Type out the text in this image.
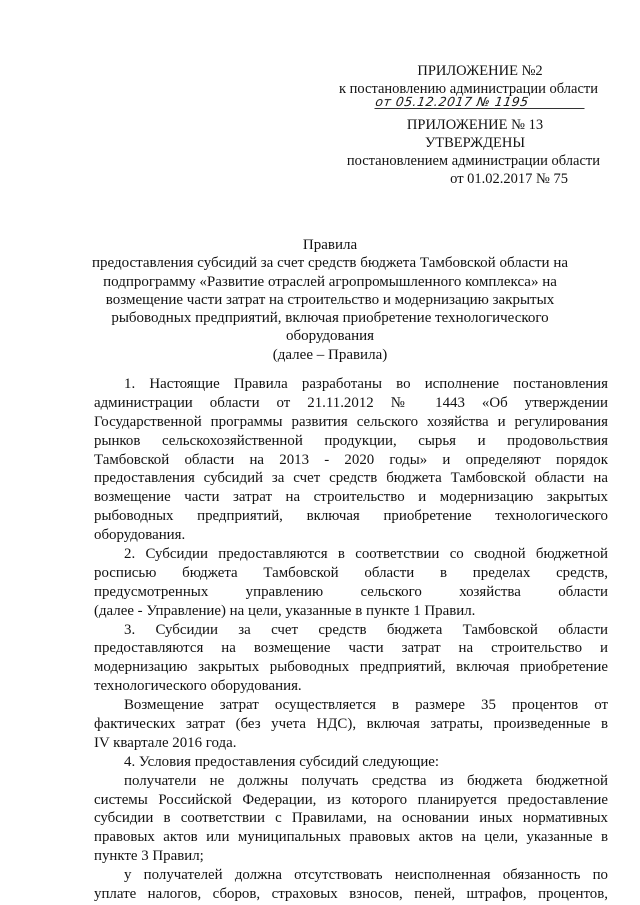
ПРИЛОЖЕНИЕ №2
к постановлению администрации области
от 05.12.2017 № 1195
ПРИЛОЖЕНИЕ № 13
УТВЕРЖДЕНЫ
постановлением администрации области
от 01.02.2017 № 75
Правила
предоставления субсидий за счет средств бюджета Тамбовской области на
подпрограмму «Развитие отраслей агропромышленного комплекса» на
возмещение части затрат на строительство и модернизацию закрытых
рыбоводных предприятий, включая приобретение технологического
оборудования
(далее – Правила)

1. Настоящие Правила разработаны во исполнение постановления
администрации области от 21.11.2012 № 1443 «Об утверждении
Государственной программы развития сельского хозяйства и регулирования
рынков сельскохозяйственной продукции, сырья и продовольствия
Тамбовской области на 2013 - 2020 годы» и определяют порядок
предоставления субсидий за счет средств бюджета Тамбовской области на
возмещение части затрат на строительство и модернизацию закрытых
рыбоводных предприятий, включая приобретение технологического
оборудования.

2. Субсидии предоставляются в соответствии со сводной бюджетной
росписью бюджета Тамбовской области в пределах средств,
предусмотренных управлению сельского хозяйства области
(далее - Управление) на цели, указанные в пункте 1 Правил.

3. Субсидии за счет средств бюджета Тамбовской области
предоставляются на возмещение части затрат на строительство и
модернизацию закрытых рыбоводных предприятий, включая приобретение
технологического оборудования.

Возмещение затрат осуществляется в размере 35 процентов от
фактических затрат (без учета НДС), включая затраты, произведенные в
IV квартале 2016 года.

4. Условия предоставления субсидий следующие:

получатели не должны получать средства из бюджета бюджетной
системы Российской Федерации, из которого планируется предоставление
субсидии в соответствии с Правилами, на основании иных нормативных
правовых актов или муниципальных правовых актов на цели, указанные в
пункте 3 Правил;

у получателей должна отсутствовать неисполненная обязанность по
уплате налогов, сборов, страховых взносов, пеней, штрафов, процентов,
